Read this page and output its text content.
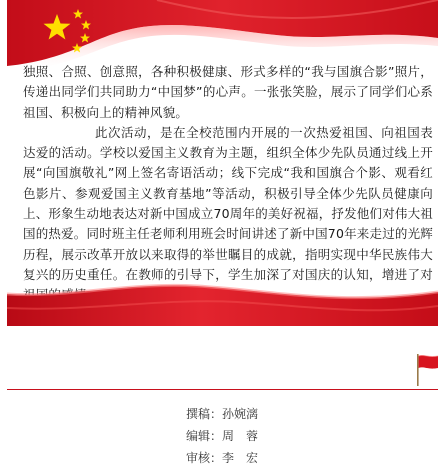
独照、合照、创意照，各种积极健康、形式多样的“我与国旗合影”照片，传递出同学们共同助力“中国梦”的心声。一张张笑脸，展示了同学们心系祖国、积极向上的精神风貌。

此次活动，是在全校范围内开展的一次热爱祖国、向祖国表达爱的活动。学校以爱国主义教育为主题，组织全体少先队员通过线上开展“向国旗敬礼”网上签名寄语活动；线下完成“我和国旗合个影、观看红色影片、参观爱国主义教育基地”等活动，积极引导全体少先队员健康向上、形象生动地表达对新中国成立70周年的美好祝福，抒发他们对伟大祖国的热爱。同时班主任老师利用班会时间讲述了新中国70年来走过的光辉历程，展示改革开放以来取得的举世瞩目的成就，指明实现中华民族伟大复兴的历史重任。在教师的引导下，学生加深了对国庆的认知，增进了对

撰稿：孙婉漓
编辑：周　蓉
审核：李　宏
